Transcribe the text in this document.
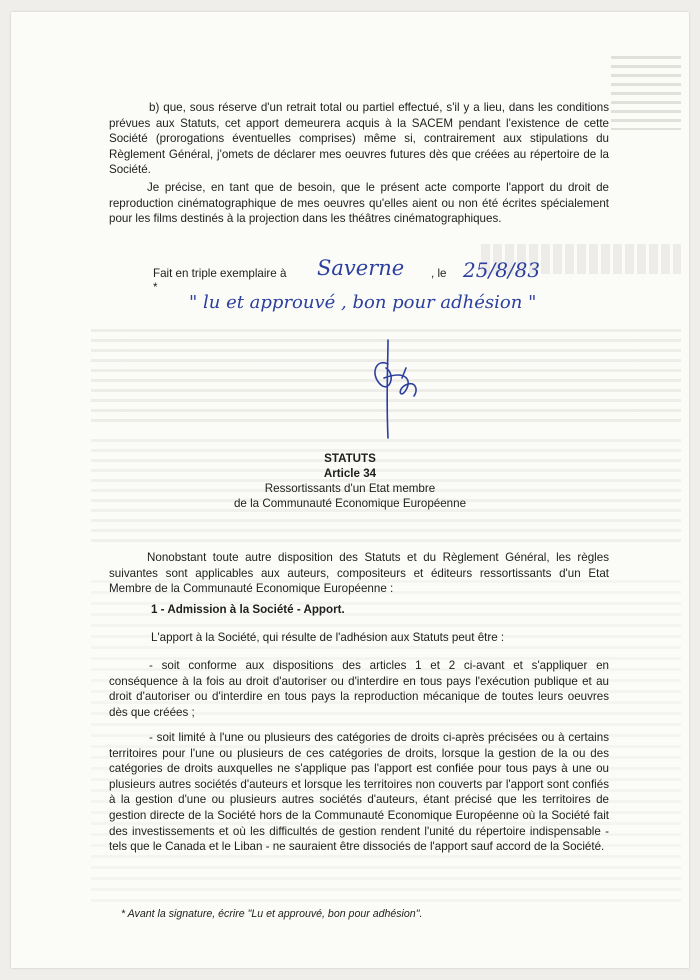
b) que, sous réserve d'un retrait total ou partiel effectué, s'il y a lieu, dans les conditions prévues aux Statuts, cet apport demeurera acquis à la SACEM pendant l'existence de cette Société (prorogations éventuelles comprises) même si, contrairement aux stipulations du Règlement Général, j'omets de déclarer mes oeuvres futures dès que créées au répertoire de la Société.

Je précise, en tant que de besoin, que le présent acte comporte l'apport du droit de reproduction cinématographique de mes oeuvres qu'elles aient ou non été écrites spécialement pour les films destinés à la projection dans les théâtres cinématographiques.

Fait en triple exemplaire à Saverne , le 25/8/83
*
" lu et approuvé , bon pour adhésion "

STATUTS

Article 34

Ressortissants d'un Etat membre

de la Communauté Economique Européenne

Nonobstant toute autre disposition des Statuts et du Règlement Général, les règles suivantes sont applicables aux auteurs, compositeurs et éditeurs ressortissants d'un Etat Membre de la Communauté Economique Européenne :

1 - Admission à la Société - Apport.

L'apport à la Société, qui résulte de l'adhésion aux Statuts peut être :

- soit conforme aux dispositions des articles 1 et 2 ci-avant et s'appliquer en conséquence à la fois au droit d'autoriser ou d'interdire en tous pays l'exécution publique et au droit d'autoriser ou d'interdire en tous pays la reproduction mécanique de toutes leurs oeuvres dès que créées ;

- soit limité à l'une ou plusieurs des catégories de droits ci-après précisées ou à certains territoires pour l'une ou plusieurs de ces catégories de droits, lorsque la gestion de la ou des catégories de droits auxquelles ne s'applique pas l'apport est confiée pour tous pays à une ou plusieurs autres sociétés d'auteurs et lorsque les territoires non couverts par l'apport sont confiés à la gestion d'une ou plusieurs autres sociétés d'auteurs, étant précisé que les territoires de gestion directe de la Société hors de la Communauté Economique Européenne où la Société fait des investissements et où les difficultés de gestion rendent l'unité du répertoire indispensable - tels que le Canada et le Liban - ne sauraient être dissociés de l'apport sauf accord de la Société.

* Avant la signature, écrire "Lu et approuvé, bon pour adhésion".
